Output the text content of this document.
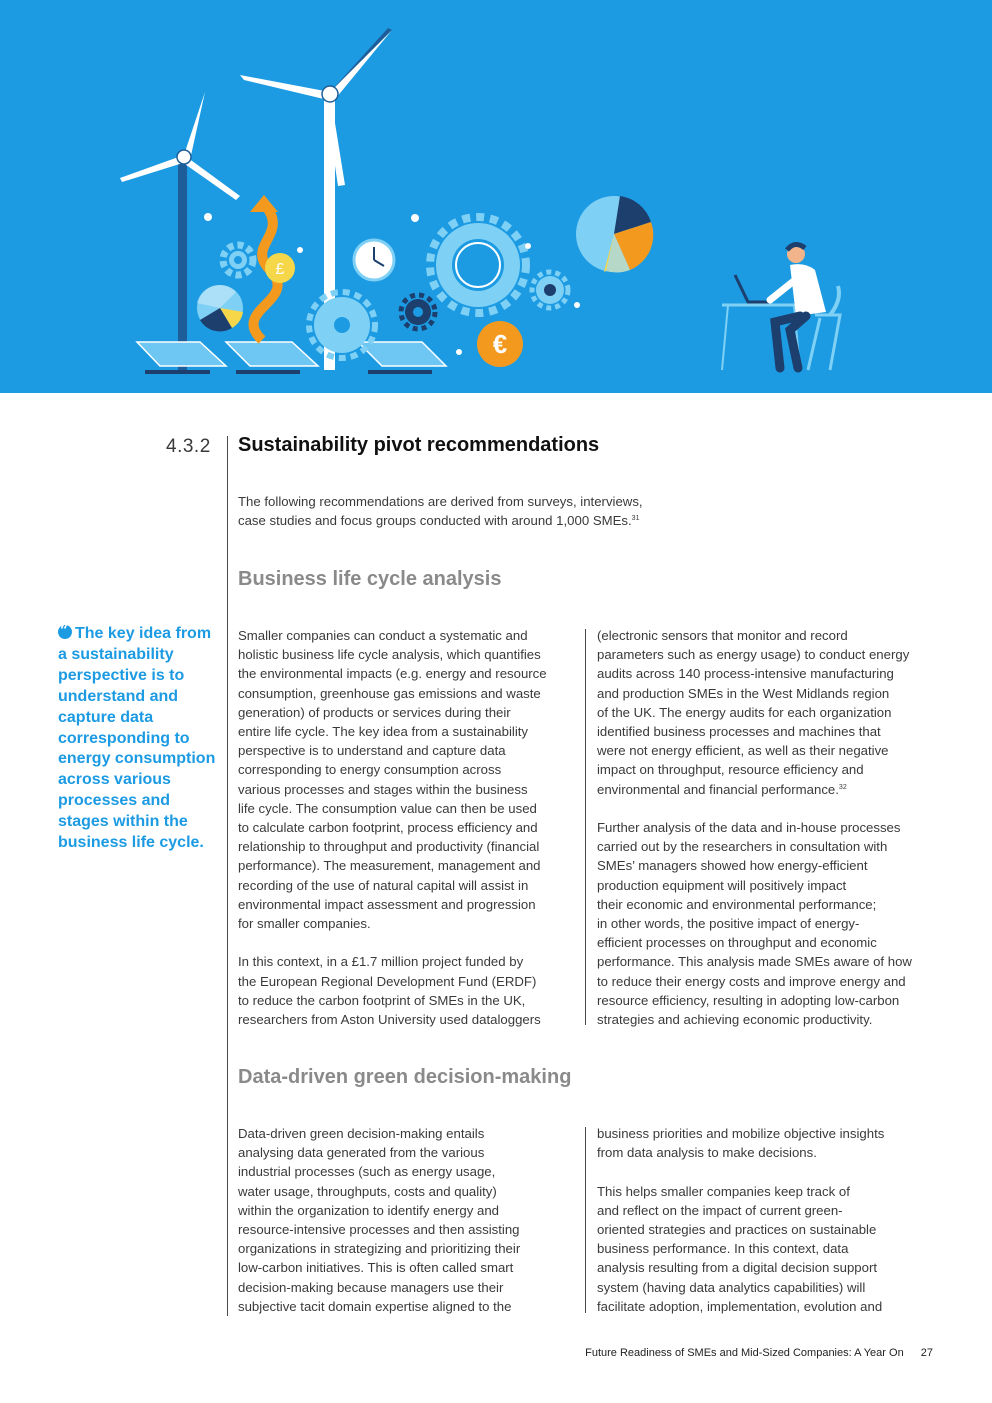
£
€
4.3.2 Sustainability pivot recommendations

The following recommendations are derived from surveys, interviews,
case studies and focus groups conducted with around 1,000 SMEs.$^{31}$

Business life cycle analysis
“The key idea from a sustainability perspective is to understand and capture data corresponding to energy consumption across various processes and stages within the business life cycle.

Smaller companies can conduct a systematic and
holistic business life cycle analysis, which quantifies
the environmental impacts (e.g. energy and resource
consumption, greenhouse gas emissions and waste
generation) of products or services during their
entire life cycle. The key idea from a sustainability
perspective is to understand and capture data
corresponding to energy consumption across
various processes and stages within the business
life cycle. The consumption value can then be used
to calculate carbon footprint, process efficiency and
relationship to throughput and productivity (financial
performance). The measurement, management and
recording of the use of natural capital will assist in
environmental impact assessment and progression
for smaller companies.

In this context, in a £1.7 million project funded by
the European Regional Development Fund (ERDF)
to reduce the carbon footprint of SMEs in the UK,
researchers from Aston University used dataloggers

(electronic sensors that monitor and record
parameters such as energy usage) to conduct energy
audits across 140 process-intensive manufacturing
and production SMEs in the West Midlands region
of the UK. The energy audits for each organization
identified business processes and machines that
were not energy efficient, as well as their negative
impact on throughput, resource efficiency and
environmental and financial performance.$^{32}$

Further analysis of the data and in-house processes
carried out by the researchers in consultation with
SMEs’ managers showed how energy-efficient
production equipment will positively impact
their economic and environmental performance;
in other words, the positive impact of energy-
efficient processes on throughput and economic
performance. This analysis made SMEs aware of how
to reduce their energy costs and improve energy and
resource efficiency, resulting in adopting low-carbon
strategies and achieving economic productivity.

Data-driven green decision-making

Data-driven green decision-making entails
analysing data generated from the various
industrial processes (such as energy usage,
water usage, throughputs, costs and quality)
within the organization to identify energy and
resource-intensive processes and then assisting
organizations in strategizing and prioritizing their
low-carbon initiatives. This is often called smart
decision-making because managers use their
subjective tacit domain expertise aligned to the

business priorities and mobilize objective insights
from data analysis to make decisions.

This helps smaller companies keep track of
and reflect on the impact of current green-
oriented strategies and practices on sustainable
business performance. In this context, data
analysis resulting from a digital decision support
system (having data analytics capabilities) will
facilitate adoption, implementation, evolution and

Future Readiness of SMEs and Mid-Sized Companies: A Year On 27
